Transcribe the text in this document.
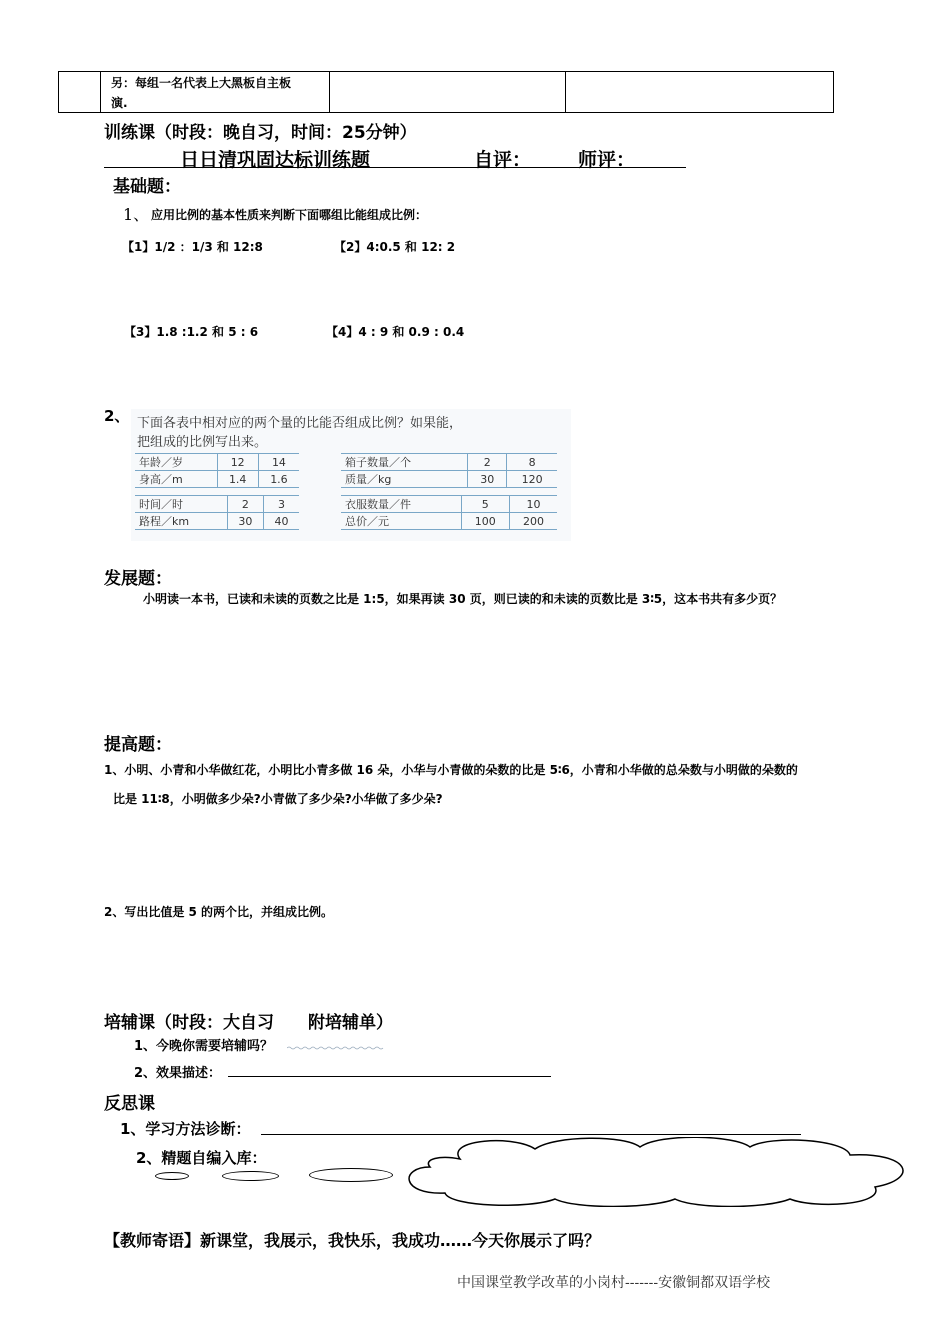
另：每组一名代表上大黑板自主板
演.
训练课（时段：晚自习，时间：25分钟）
日日清巩固达标训练题	自评： 师评：
基础题：
1、 应用比例的基本性质来判断下面哪组比能组成比例：
【1】1/2 ：1/3 和 12:8	【2】4:0.5 和 12: 2
【3】1.8 :1.2 和 5 : 6	【4】4 : 9 和 0.9 : 0.4
2、 下面各表中相对应的两个量的比能否组成比例？如果能，
把组成的比例写出来。
年龄／岁	12	14
身高／m	1.4	1.6
箱子数量／个	2	8
质量／kg	30	120
时间／时	2	3
路程／km	30	40
衣服数量／件	5	10
总价／元	100	200
发展题：
小明读一本书，已读和未读的页数之比是 1:5，如果再读 30 页，则已读的和未读的页数比是 3∶5，这本书共有多少页？
提高题：
1、小明、小青和小华做红花，小明比小青多做 16 朵，小华与小青做的朵数的比是 5∶6，小青和小华做的总朵数与小明做的朵数的
比是 11∶8，小明做多少朵?小青做了多少朵?小华做了多少朵?
2、写出比值是 5 的两个比，并组成比例。
培辅课（时段：大自习　　附培辅单）
1、今晚你需要培辅吗？
2、效果描述：
反思课
1、学习方法诊断：
2、精题自编入库：
【教师寄语】新课堂，我展示，我快乐，我成功……今天你展示了吗？
中国课堂教学改革的小岗村-------安徽铜都双语学校
